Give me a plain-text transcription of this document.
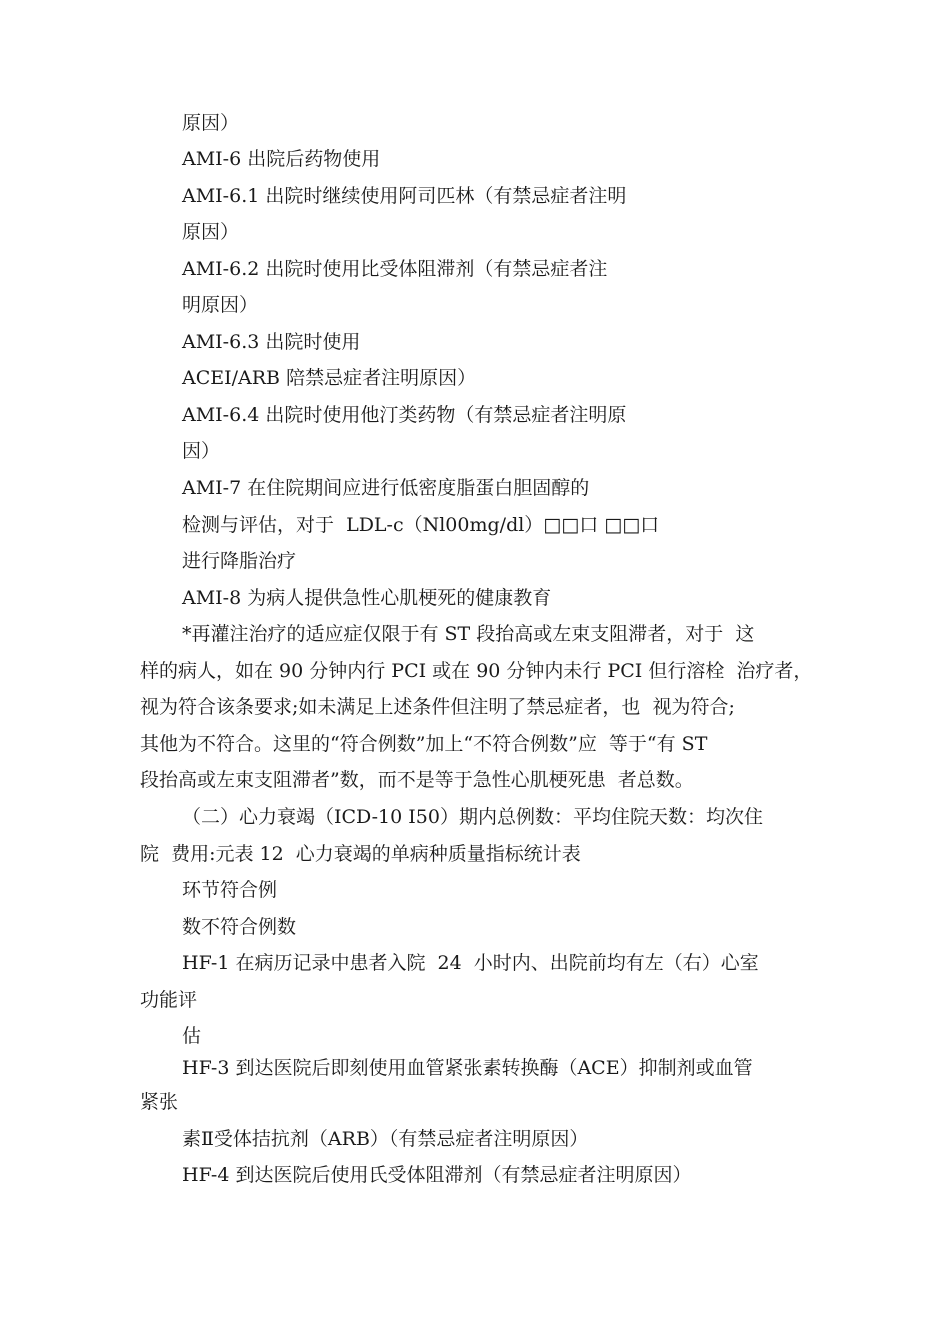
原因）
AMI-6 出院后药物使用
AMI-6.1 出院时继续使用阿司匹林（有禁忌症者注明
原因）
AMI-6.2 出院时使用比受体阻滞剂（有禁忌症者注
明原因）
AMI-6.3 出院时使用
ACEI/ARB 陪禁忌症者注明原因）
AMI-6.4 出院时使用他汀类药物（有禁忌症者注明原
因）
AMI-7 在住院期间应进行低密度脂蛋白胆固醇的
检测与评估，对于  LDL-c（Nl00mg/dl）□□口 □□口
进行降脂治疗
AMI-8 为病人提供急性心肌梗死的健康教育
*再灌注治疗的适应症仅限于有 ST 段抬高或左束支阻滞者，对于  这
样的病人，如在 90 分钟内行 PCI 或在 90 分钟内未行 PCI 但行溶栓  治疗者，
视为符合该条要求;如未满足上述条件但注明了禁忌症者，也  视为符合;
其他为不符合。这里的“符合例数”加上“不符合例数”应  等于“有 ST
段抬高或左束支阻滞者”数，而不是等于急性心肌梗死患  者总数。
（二）心力衰竭（ICD-10 I50）期内总例数：平均住院天数：均次住
院  费用:元表 12  心力衰竭的单病种质量指标统计表
环节符合例
数不符合例数
HF-1 在病历记录中患者入院  24  小时内、出院前均有左（右）心室
功能评
估
HF-3 到达医院后即刻使用血管紧张素转换酶（ACE）抑制剂或血管
紧张
素Ⅱ受体拮抗剂（ARB）（有禁忌症者注明原因）
HF-4 到达医院后使用氏受体阻滞剂（有禁忌症者注明原因）
